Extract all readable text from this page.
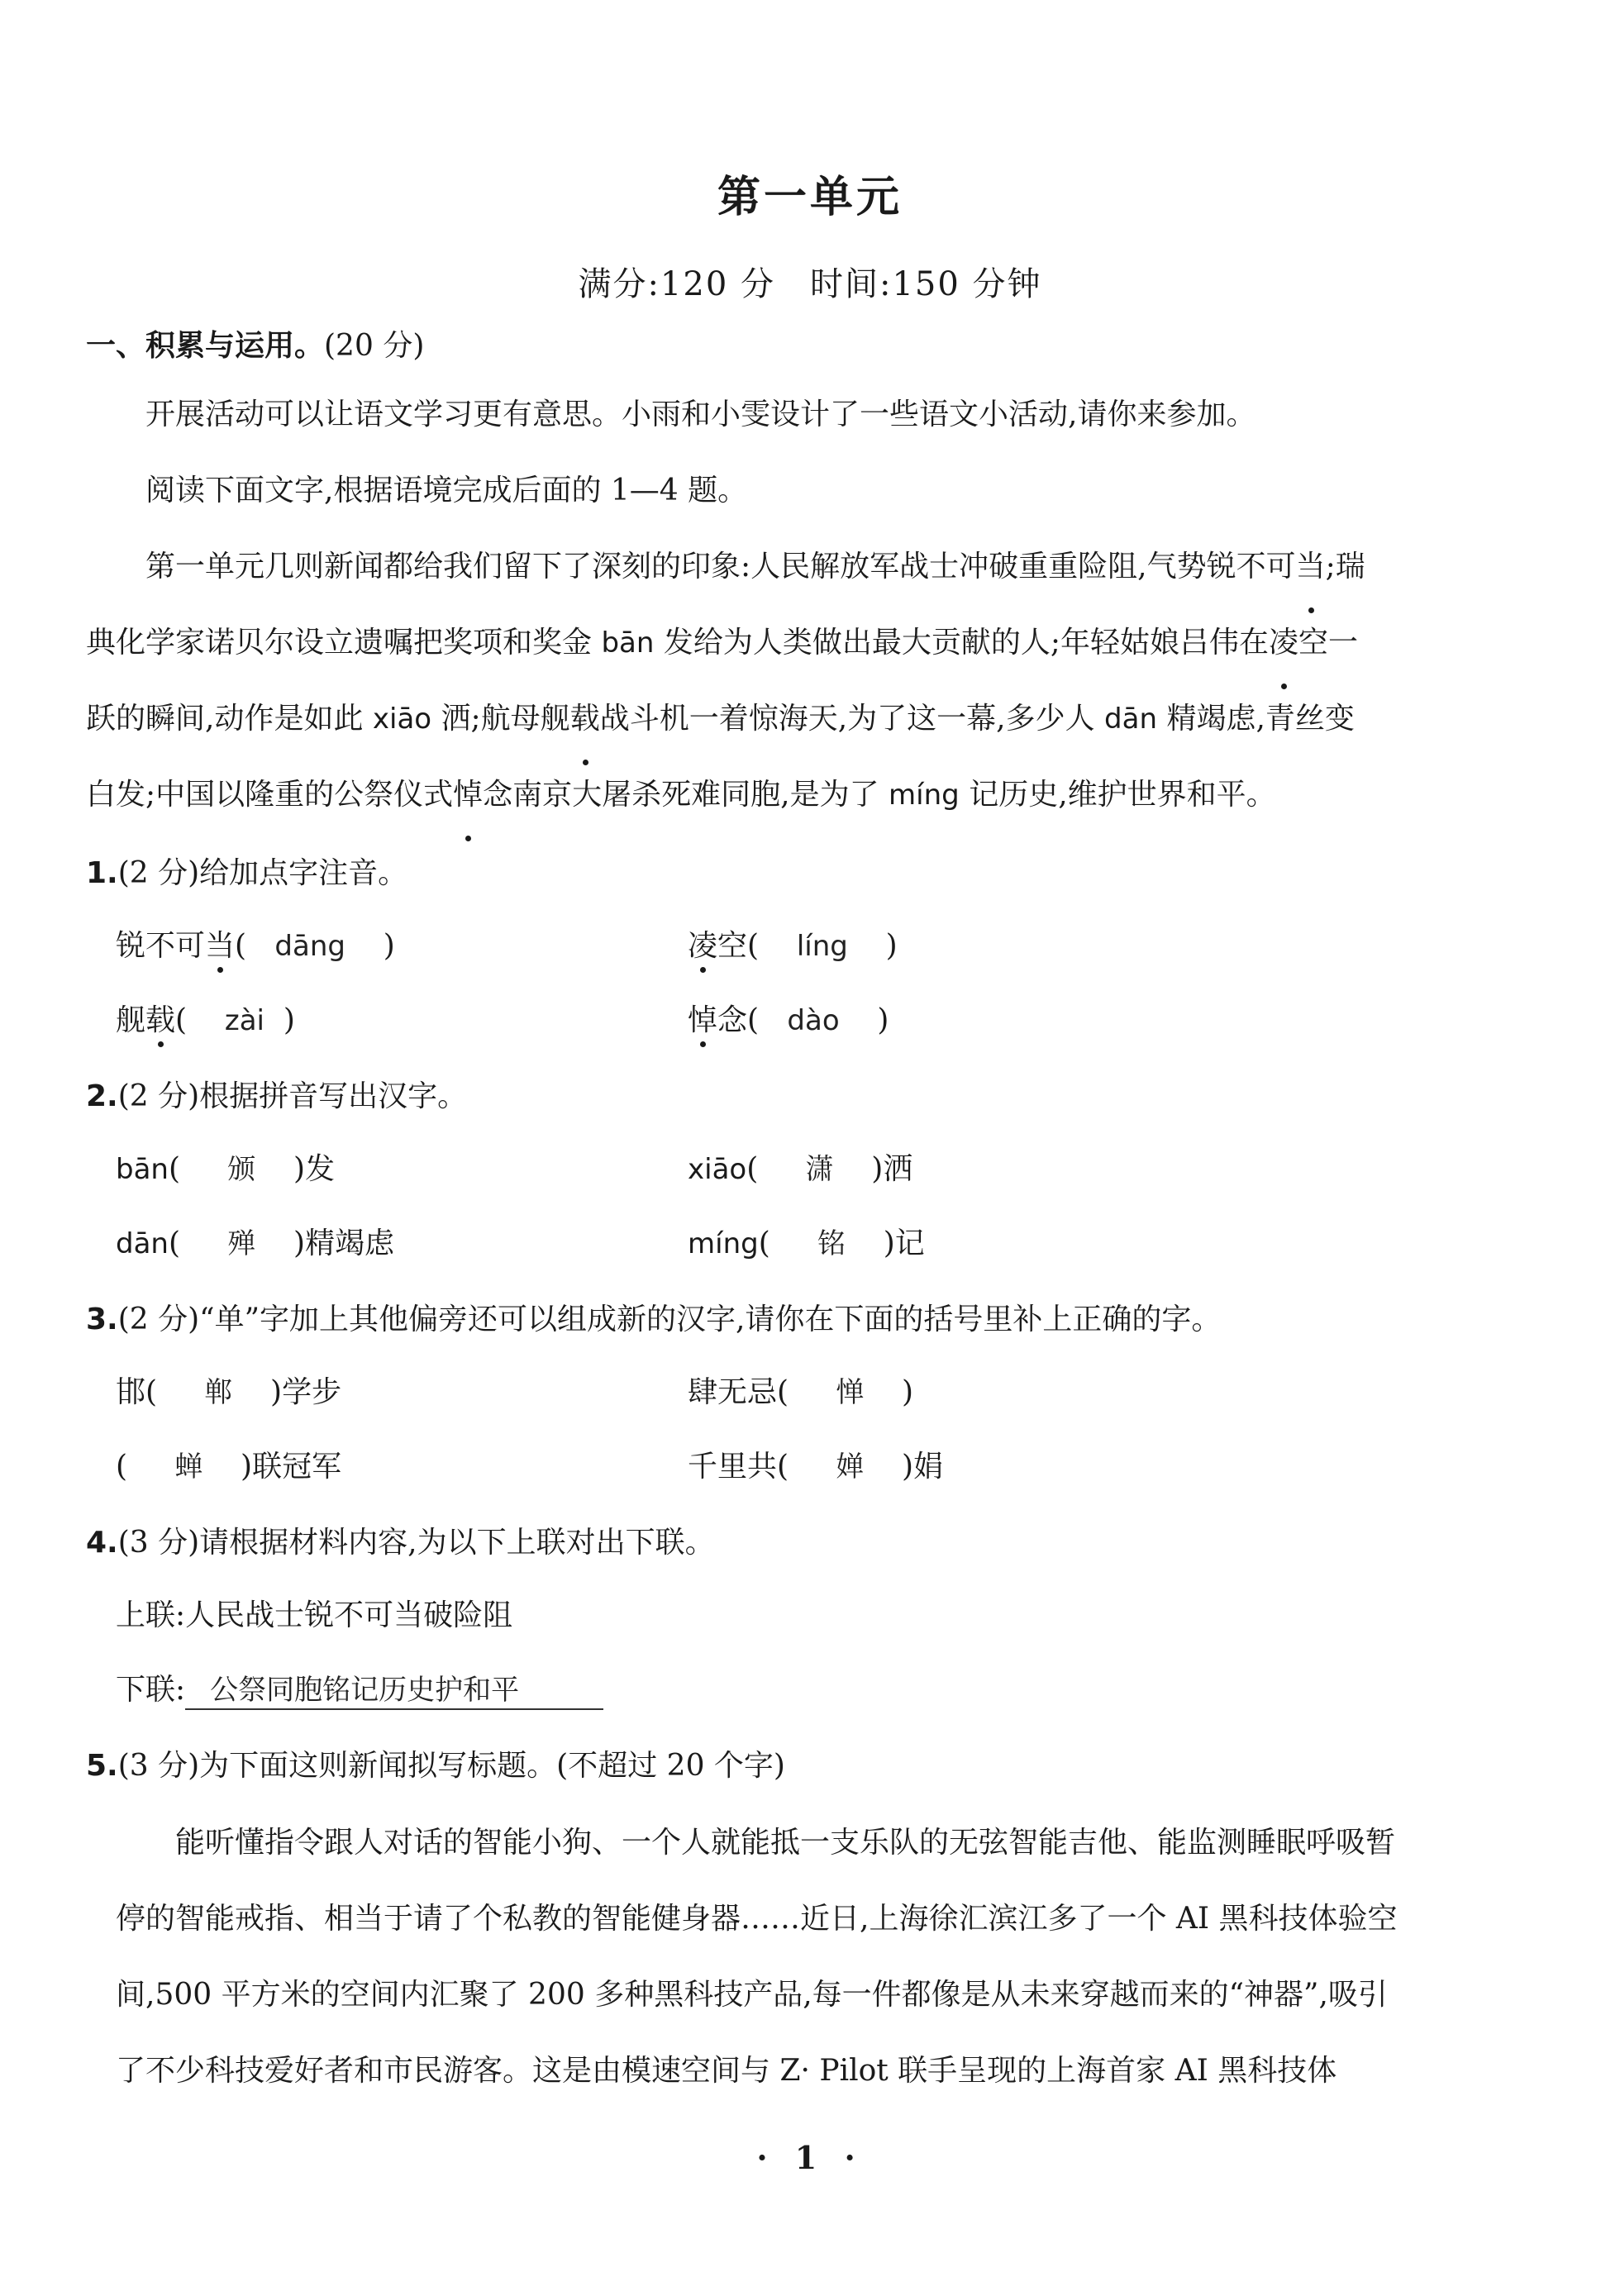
第一单元
满分:120 分　时间:150 分钟
一、积累与运用。(20 分)
开展活动可以让语文学习更有意思。小雨和小雯设计了一些语文小活动,请你来参加。
阅读下面文字,根据语境完成后面的 1—4 题。
第一单元几则新闻都给我们留下了深刻的印象:人民解放军战士冲破重重险阻,气势锐不可当;瑞
典化学家诺贝尔设立遗嘱把奖项和奖金 bān 发给为人类做出最大贡献的人;年轻姑娘吕伟在凌空一
跃的瞬间,动作是如此 xiāo 洒;航母舰载战斗机一着惊海天,为了这一幕,多少人 dān 精竭虑,青丝变
白发;中国以隆重的公祭仪式悼念南京大屠杀死难同胞,是为了 míng 记历史,维护世界和平。
1.(2 分)给加点字注音。
锐不可当(   dāng    )	凌空(    líng    )
舰载(    zài  )	悼念(   dào    )
2.(2 分)根据拼音写出汉字。
bān(     颁    )发	xiāo(     潇    )洒
dān(     殚    )精竭虑	míng(     铭    )记
3.(2 分)“单”字加上其他偏旁还可以组成新的汉字,请你在下面的括号里补上正确的字。
邯(     郸    )学步	肆无忌(     惮    )
(     蝉    )联冠军	千里共(     婵    )娟
4.(3 分)请根据材料内容,为以下上联对出下联。
上联:人民战士锐不可当破险阻
下联: 公祭同胞铭记历史护和平
5.(3 分)为下面这则新闻拟写标题。(不超过 20 个字)
能听懂指令跟人对话的智能小狗、一个人就能抵一支乐队的无弦智能吉他、能监测睡眠呼吸暂
停的智能戒指、相当于请了个私教的智能健身器……近日,上海徐汇滨江多了一个 AI 黑科技体验空
间,500 平方米的空间内汇聚了 200 多种黑科技产品,每一件都像是从未来穿越而来的“神器”,吸引
了不少科技爱好者和市民游客。这是由模速空间与 Z· Pilot 联手呈现的上海首家 AI 黑科技体
· 1 ·
